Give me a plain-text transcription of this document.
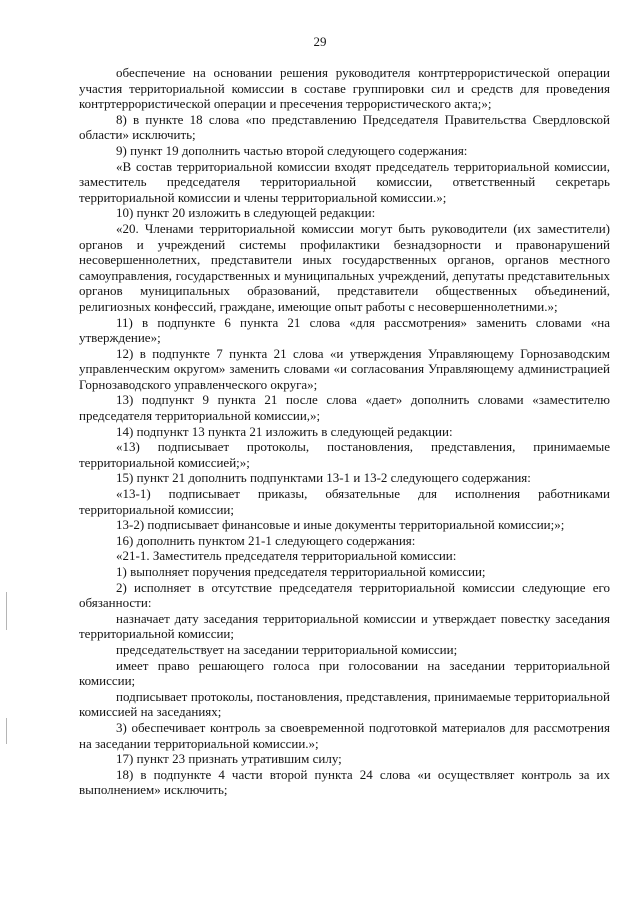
29

обеспечение на основании решения руководителя контртеррористической операции участия территориальной комиссии в составе группировки сил и средств для проведения контртеррористической операции и пресечения террористического акта;»;

8) в пункте 18 слова «по представлению Председателя Правительства Свердловской области» исключить;

9) пункт 19 дополнить частью второй следующего содержания:

«В состав территориальной комиссии входят председатель территориальной комиссии, заместитель председателя территориальной комиссии, ответственный секретарь территориальной комиссии и члены территориальной комиссии.»;

10) пункт 20 изложить в следующей редакции:

«20. Членами территориальной комиссии могут быть руководители (их заместители) органов и учреждений системы профилактики безнадзорности и правонарушений несовершеннолетних, представители иных государственных органов, органов местного самоуправления, государственных и муниципальных учреждений, депутаты представительных органов муниципальных образований, представители общественных объединений, религиозных конфессий, граждане, имеющие опыт работы с несовершеннолетними.»;

11) в подпункте 6 пункта 21 слова «для рассмотрения» заменить словами «на утверждение»;

12) в подпункте 7 пункта 21 слова «и утверждения Управляющему Горнозаводским управленческим округом» заменить словами «и согласования Управляющему администрацией Горнозаводского управленческого округа»;

13) подпункт 9 пункта 21 после слова «дает» дополнить словами «заместителю председателя территориальной комиссии,»;

14) подпункт 13 пункта 21 изложить в следующей редакции:

«13) подписывает протоколы, постановления, представления, принимаемые территориальной комиссией;»;

15) пункт 21 дополнить подпунктами 13-1 и 13-2 следующего содержания:

«13-1) подписывает приказы, обязательные для исполнения работниками территориальной комиссии;

13-2) подписывает финансовые и иные документы территориальной комиссии;»;

16) дополнить пунктом 21-1 следующего содержания:

«21-1. Заместитель председателя территориальной комиссии:

1) выполняет поручения председателя территориальной комиссии;

2) исполняет в отсутствие председателя территориальной комиссии следующие его обязанности:

назначает дату заседания территориальной комиссии и утверждает повестку заседания территориальной комиссии;

председательствует на заседании территориальной комиссии;

имеет право решающего голоса при голосовании на заседании территориальной комиссии;

подписывает протоколы, постановления, представления, принимаемые территориальной комиссией на заседаниях;

3) обеспечивает контроль за своевременной подготовкой материалов для рассмотрения на заседании территориальной комиссии.»;

17) пункт 23 признать утратившим силу;

18) в подпункте 4 части второй пункта 24 слова «и осуществляет контроль за их выполнением» исключить;
